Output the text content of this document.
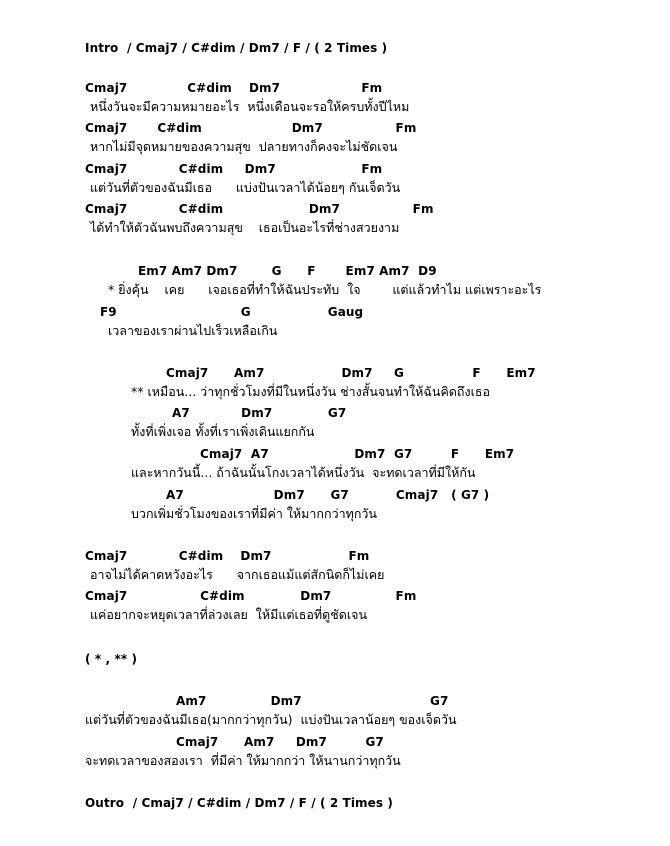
Intro  / Cmaj7 / C#dim / Dm7 / F / ( 2 Times )
Cmaj7              C#dim    Dm7                   Fm
หนึ่งวันจะมีความหมายอะไร  หนึ่งเดือนจะรอให้ครบทั้งปีไหม
Cmaj7       C#dim                     Dm7                 Fm
หากไม่มีจุดหมายของความสุข  ปลายทางก็คงจะไม่ชัดเจน
Cmaj7            C#dim     Dm7                    Fm
แต่วันที่ตัวของฉันมีเธอ      แบ่งปันเวลาได้น้อยๆ กันเจ็ดวัน
Cmaj7            C#dim                    Dm7                 Fm
ได้ทำให้ตัวฉันพบถึงความสุข    เธอเป็นอะไรที่ช่างสวยงาม
Em7 Am7 Dm7        G      F       Em7 Am7  D9
* ยิ่งคุ้น    เคย      เจอเธอที่ทำให้ฉันประทับ  ใจ        แต่แล้วทำไม แต่เพราะอะไร
F9                             G                  Gaug
เวลาของเราผ่านไปเร็วเหลือเกิน
Cmaj7      Am7                  Dm7     G                F      Em7
** เหมือน... ว่าทุกชั่วโมงที่มีในหนึ่งวัน ช่างสั้นจนทำให้ฉันคิดถึงเธอ
A7            Dm7             G7
ทั้งที่เพิ่งเจอ ทั้งที่เราเพิ่งเดินแยกกัน
Cmaj7  A7                    Dm7  G7         F      Em7
และหากวันนี้... ถ้าฉันนั้นโกงเวลาได้หนึ่งวัน  จะทดเวลาที่มีให้กัน
A7                     Dm7      G7           Cmaj7   ( G7 )
บวกเพิ่มชั่วโมงของเราที่มีค่า ให้มากกว่าทุกวัน
Cmaj7            C#dim    Dm7                  Fm
อาจไม่ได้คาดหวังอะไร      จากเธอแม้แต่สักนิดก็ไม่เคย
Cmaj7                 C#dim             Dm7               Fm
แค่อยากจะหยุดเวลาที่ล่วงเลย  ให้มีแต่เธอที่ดูชัดเจน
( * , ** )
Am7               Dm7                              G7
แต่วันที่ตัวของฉันมีเธอ(มากกว่าทุกวัน)  แบ่งปันเวลาน้อยๆ ของเจ็ดวัน
Cmaj7      Am7     Dm7         G7
จะทดเวลาของสองเรา  ที่มีค่า ให้มากกว่า ให้นานกว่าทุกวัน
Outro  / Cmaj7 / C#dim / Dm7 / F / ( 2 Times )
